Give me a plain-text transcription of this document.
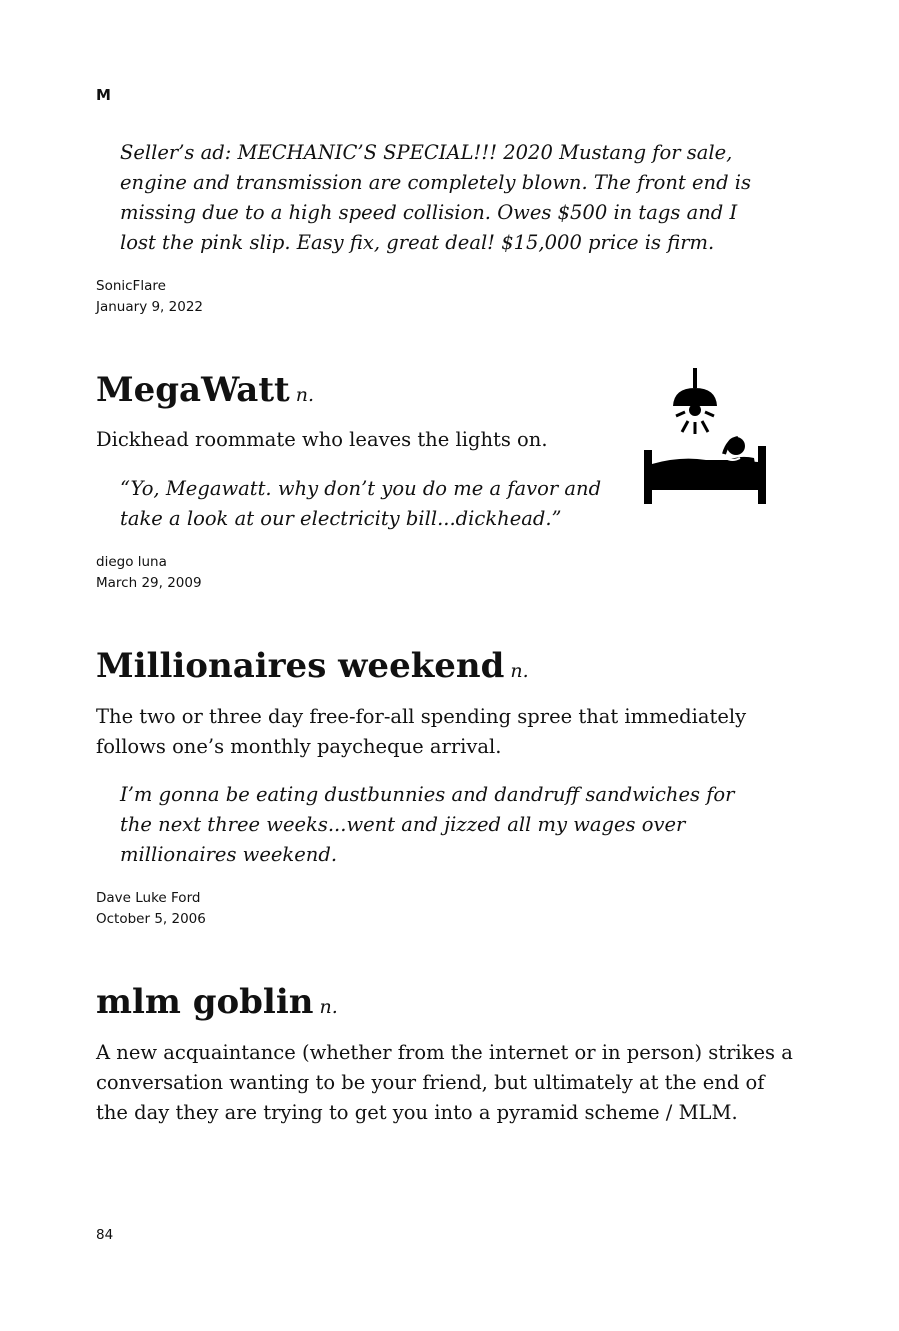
M
Seller’s ad: MECHANIC’S SPECIAL!!! 2020 Mustang for sale, engine and transmission are completely blown. The front end is missing due to a high speed collision. Owes $500 in tags and I lost the pink slip. Easy fix, great deal! $15,000 price is firm.
SonicFlare
January 9, 2022
MegaWatt n.
Dickhead roommate who leaves the lights on.
“Yo, Megawatt. why don’t you do me a favor and take a look at our electricity bill...dickhead.”
diego luna
March 29, 2009
Millionaires weekend n.
The two or three day free-for-all spending spree that immediately follows one’s monthly paycheque arrival.
I’m gonna be eating dustbunnies and dandruff sandwiches for the next three weeks...went and jizzed all my wages over millionaires weekend.
Dave Luke Ford
October 5, 2006
mlm goblin n.
A new acquaintance (whether from the internet or in person) strikes a conversation wanting to be your friend, but ultimately at the end of the day they are trying to get you into a pyramid scheme / MLM.
84
